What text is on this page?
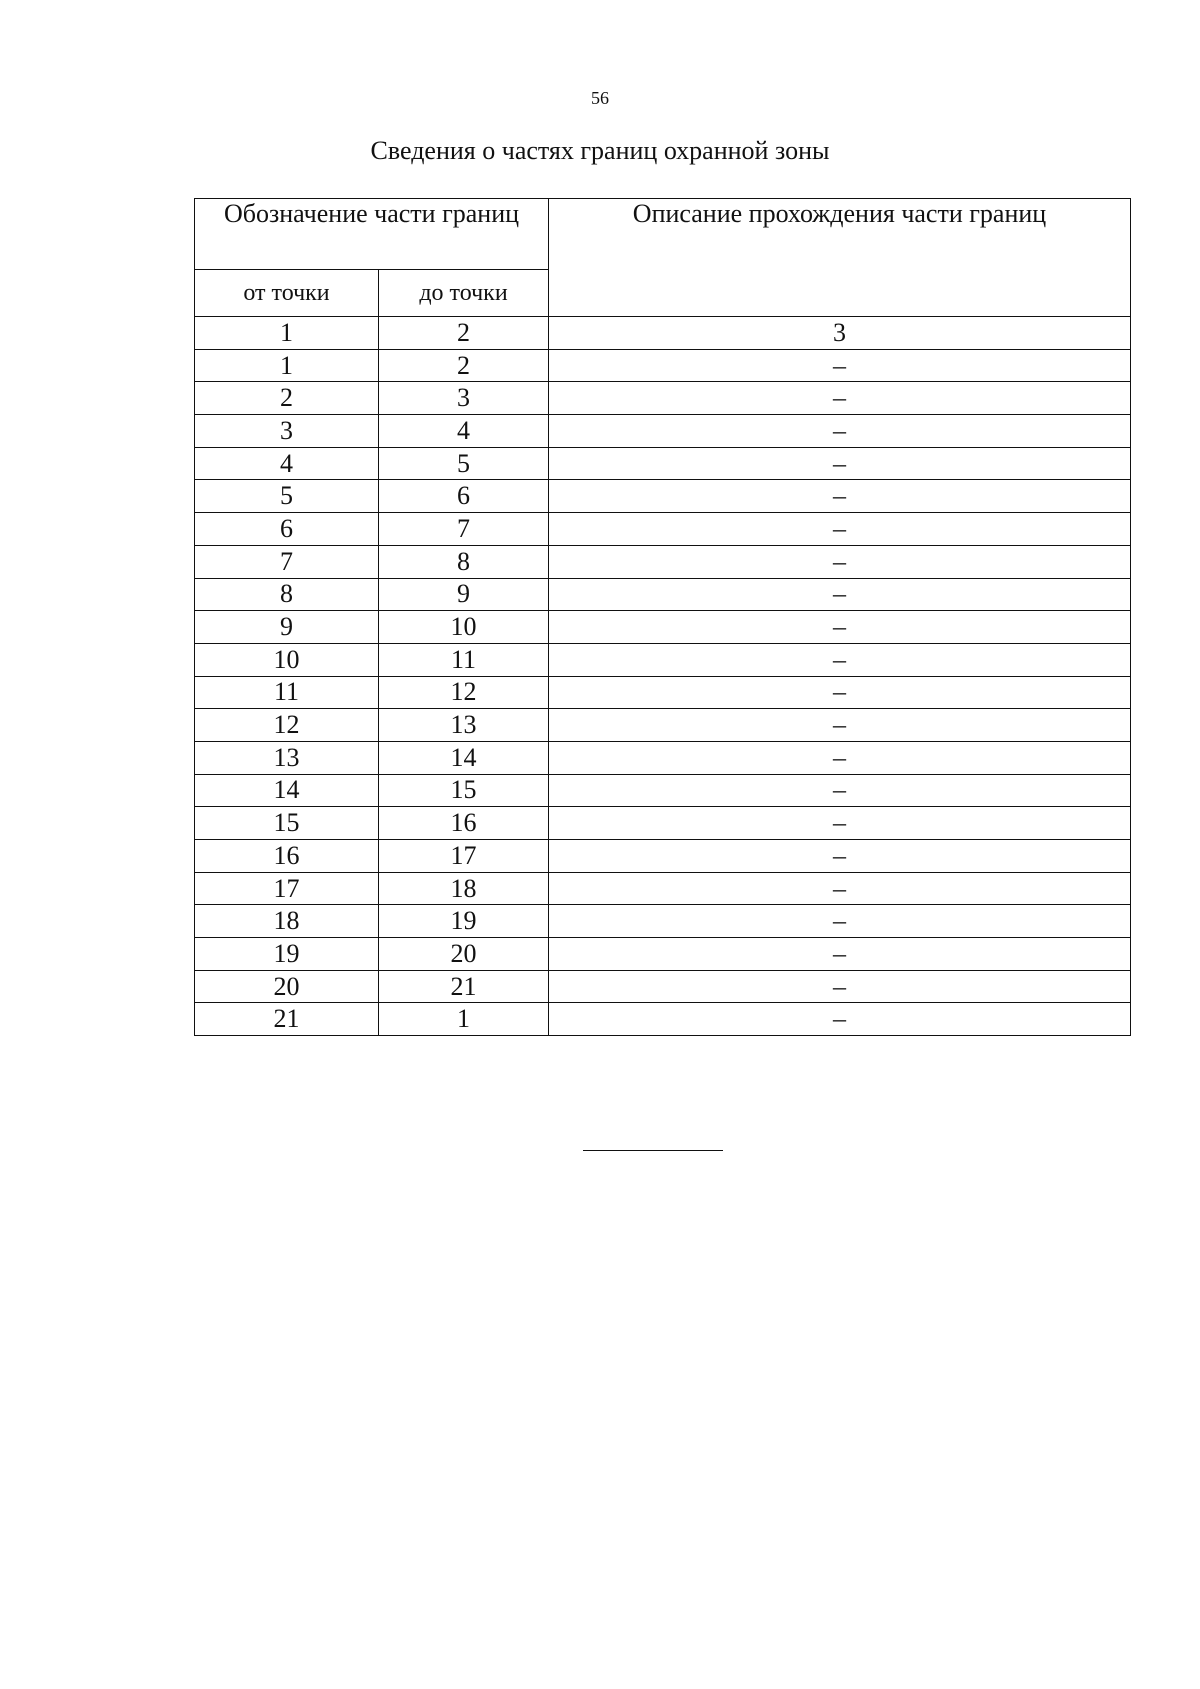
56
Сведения о частях границ охранной зоны
Обозначение части границ		Описание прохождения части границ
от точки	до точки	
1	2	3
1	2	–
2	3	–
3	4	–
4	5	–
5	6	–
6	7	–
7	8	–
8	9	–
9	10	–
10	11	–
11	12	–
12	13	–
13	14	–
14	15	–
15	16	–
16	17	–
17	18	–
18	19	–
19	20	–
20	21	–
21	1	–
